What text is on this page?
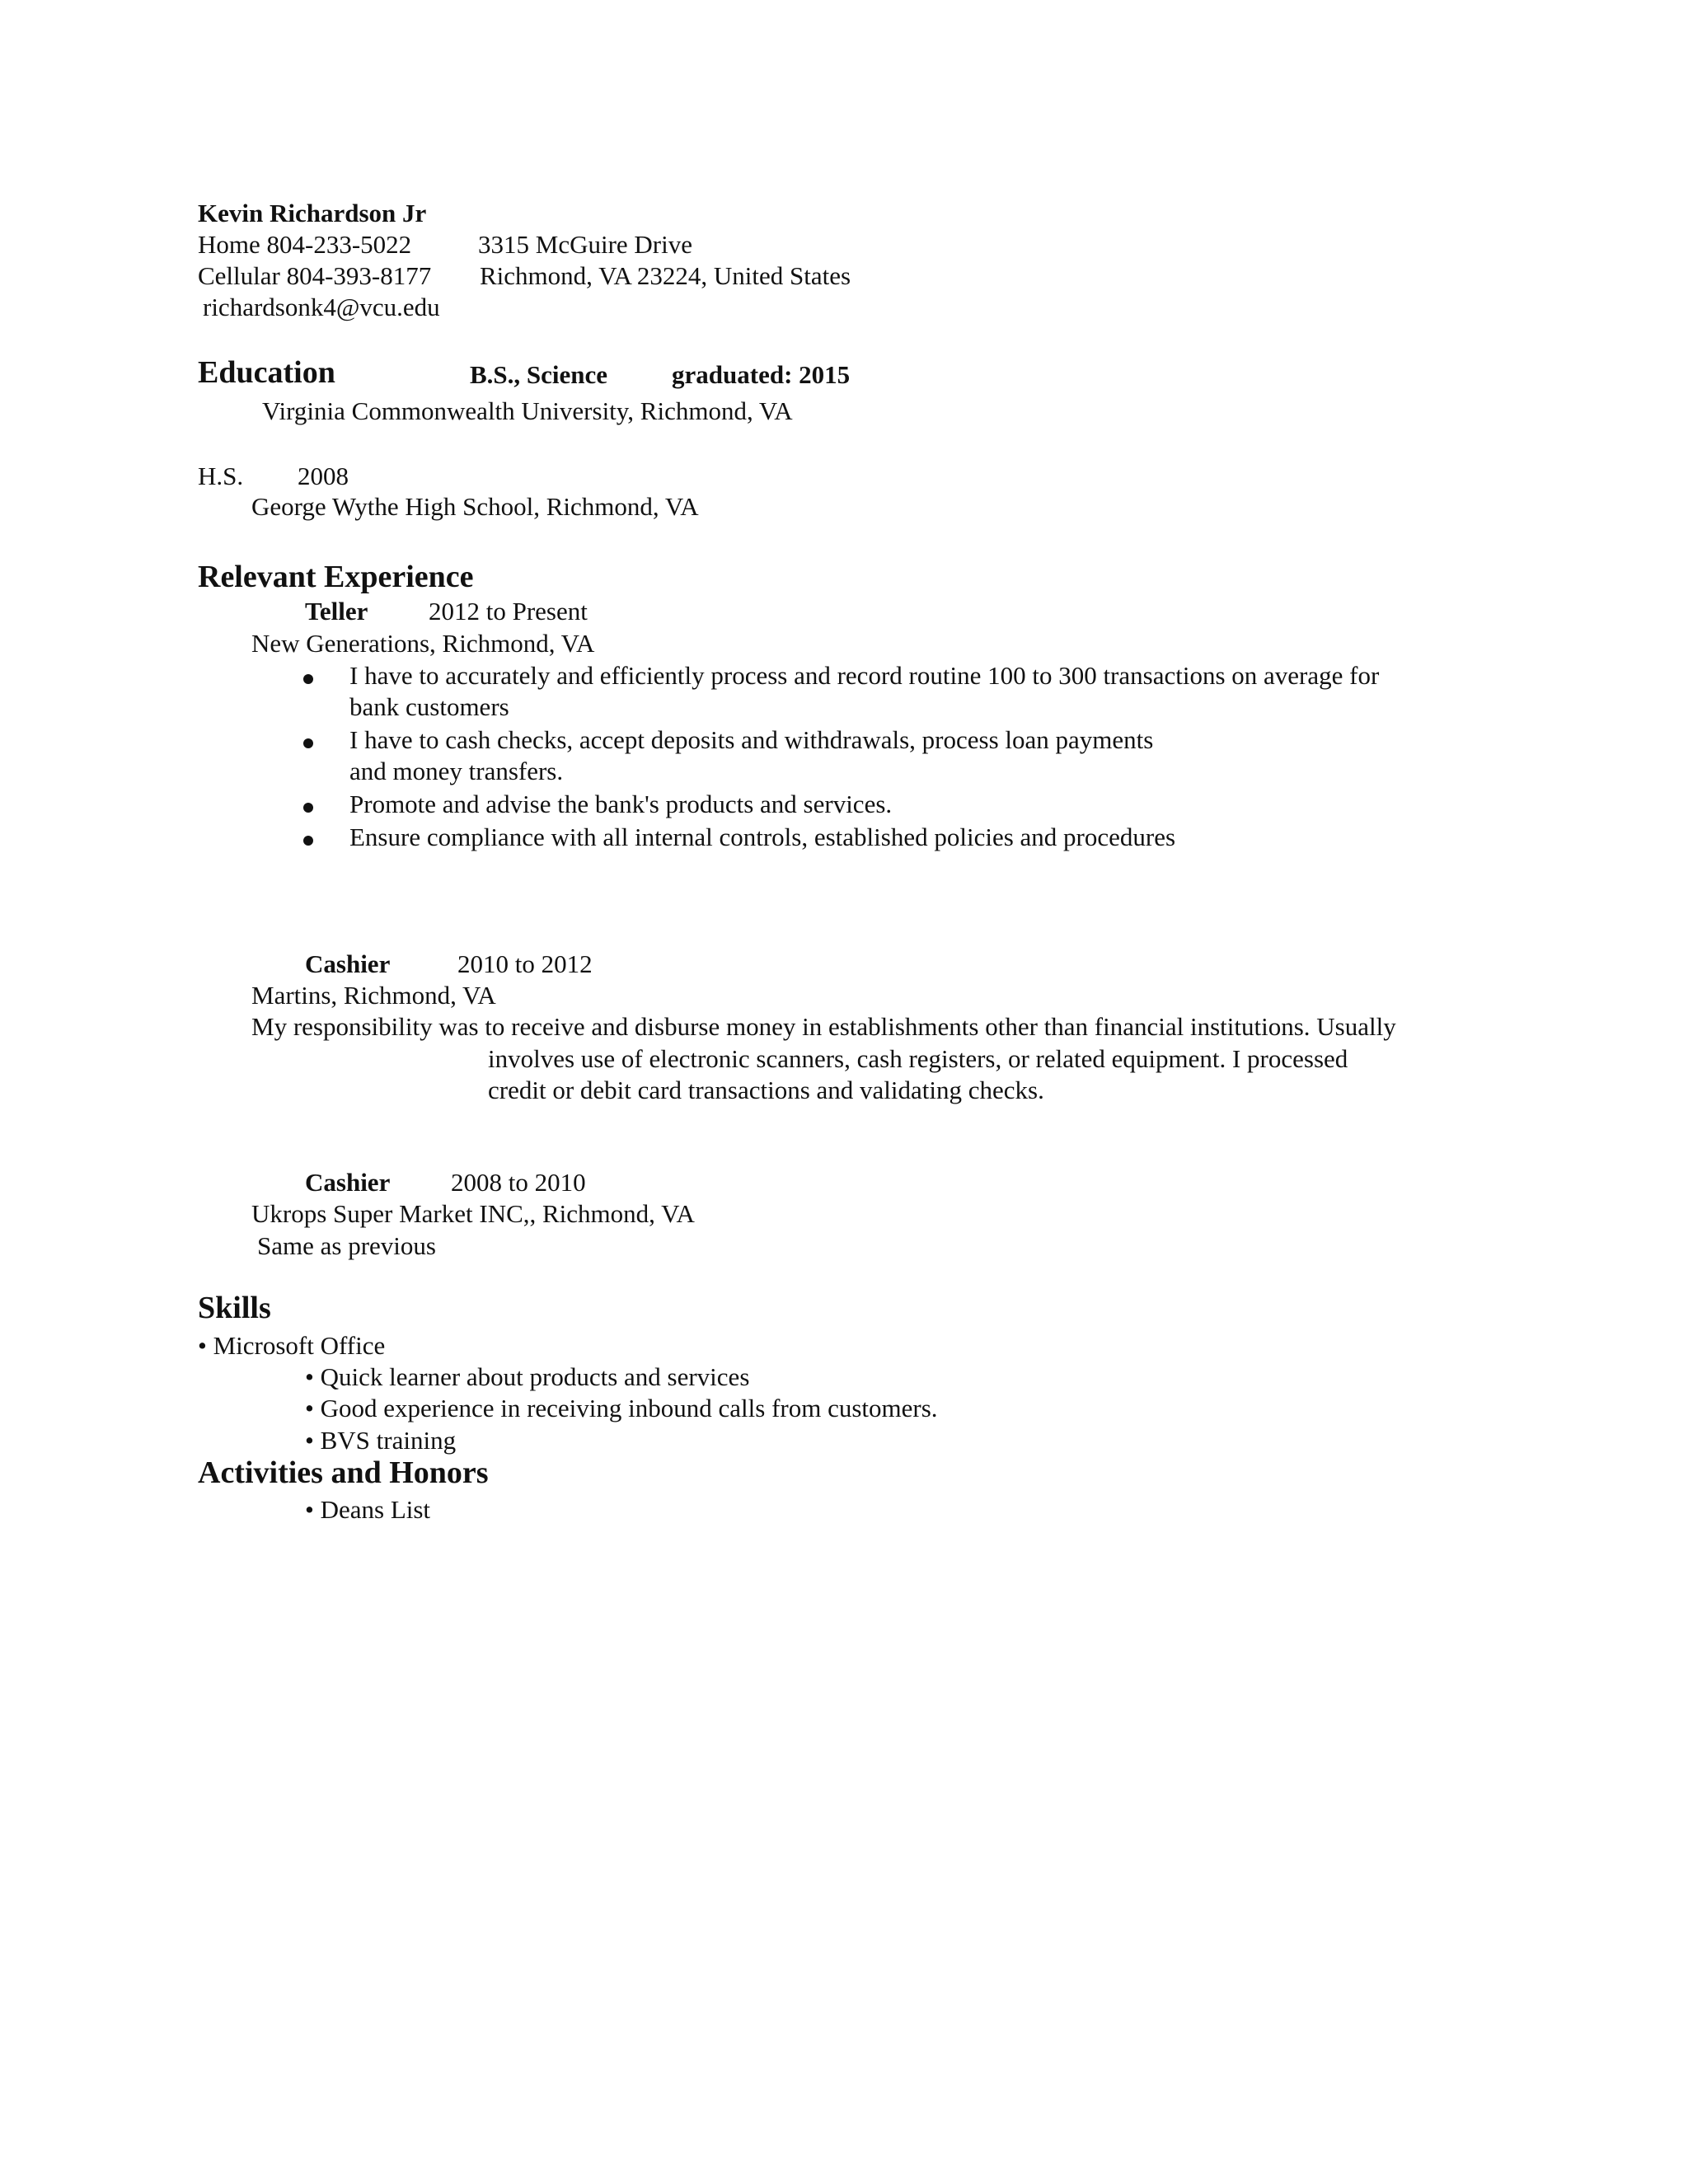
Kevin Richardson Jr
Home 804-233-5022	3315 McGuire Drive
Cellular 804-393-8177 Richmond, VA 23224, United States
richardsonk4@vcu.edu
Education	B.S., Science	graduated: 2015
Virginia Commonwealth University, Richmond, VA
H.S. 2008
George Wythe High School, Richmond, VA
Relevant Experience
Teller 2012 to Present
New Generations, Richmond, VA
I have to accurately and efficiently process and record routine 100 to 300 transactions on average for
bank customers
I have to cash checks, accept deposits and withdrawals, process loan payments
and money transfers.
Promote and advise the bank's products and services.
Ensure compliance with all internal controls, established policies and procedures
Cashier	2010 to 2012
Martins, Richmond, VA
My responsibility was to receive and disburse money in establishments other than financial institutions. Usually
involves use of electronic scanners, cash registers, or related equipment. I processed
credit or debit card transactions and validating checks.
Cashier 2008 to 2010
Ukrops Super Market INC,, Richmond, VA
Same as previous
Skills
• Microsoft Office
• Quick learner about products and services
• Good experience in receiving inbound calls from customers.
• BVS training
Activities and Honors
• Deans List
